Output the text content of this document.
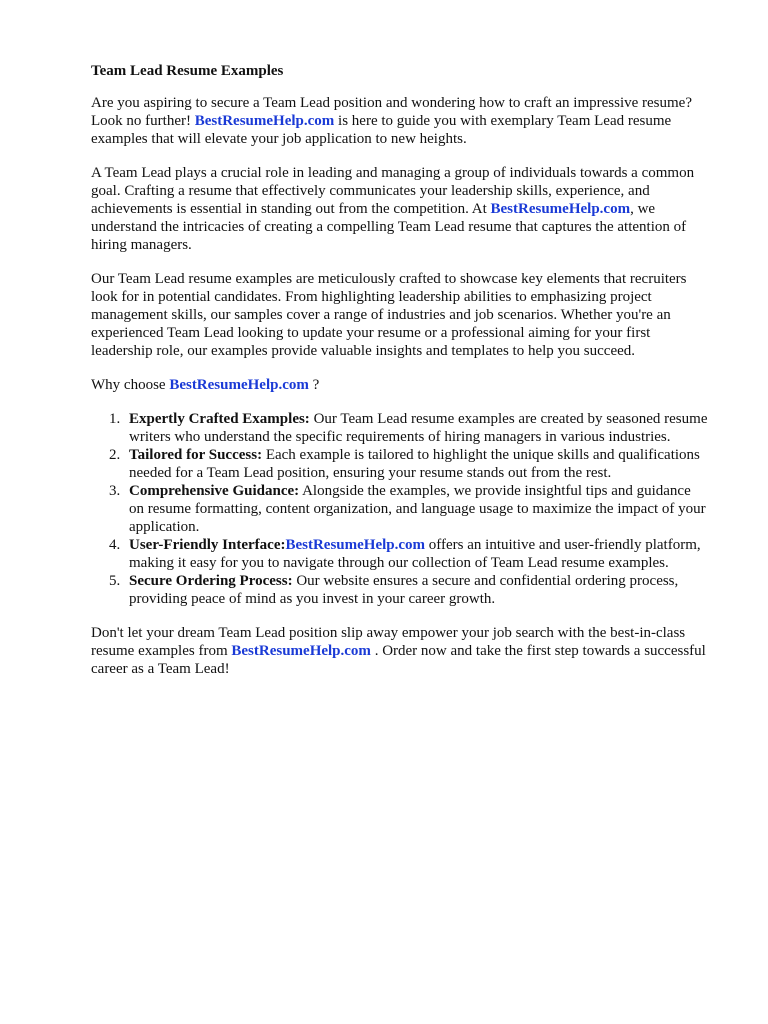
Team Lead Resume Examples

Are you aspiring to secure a Team Lead position and wondering how to craft an impressive resume? Look no further! BestResumeHelp.com is here to guide you with exemplary Team Lead resume examples that will elevate your job application to new heights.

A Team Lead plays a crucial role in leading and managing a group of individuals towards a common goal. Crafting a resume that effectively communicates your leadership skills, experience, and achievements is essential in standing out from the competition. At BestResumeHelp.com, we understand the intricacies of creating a compelling Team Lead resume that captures the attention of hiring managers.

Our Team Lead resume examples are meticulously crafted to showcase key elements that recruiters look for in potential candidates. From highlighting leadership abilities to emphasizing project management skills, our samples cover a range of industries and job scenarios. Whether you're an experienced Team Lead looking to update your resume or a professional aiming for your first leadership role, our examples provide valuable insights and templates to help you succeed.

Why choose BestResumeHelp.com ?

1. Expertly Crafted Examples: Our Team Lead resume examples are created by seasoned resume writers who understand the specific requirements of hiring managers in various industries.
2. Tailored for Success: Each example is tailored to highlight the unique skills and qualifications needed for a Team Lead position, ensuring your resume stands out from the rest.
3. Comprehensive Guidance: Alongside the examples, we provide insightful tips and guidance on resume formatting, content organization, and language usage to maximize the impact of your application.
4. User-Friendly Interface:BestResumeHelp.com offers an intuitive and user-friendly platform, making it easy for you to navigate through our collection of Team Lead resume examples.
5. Secure Ordering Process: Our website ensures a secure and confidential ordering process, providing peace of mind as you invest in your career growth.

Don't let your dream Team Lead position slip away empower your job search with the best-in-class resume examples from BestResumeHelp.com . Order now and take the first step towards a successful career as a Team Lead!
